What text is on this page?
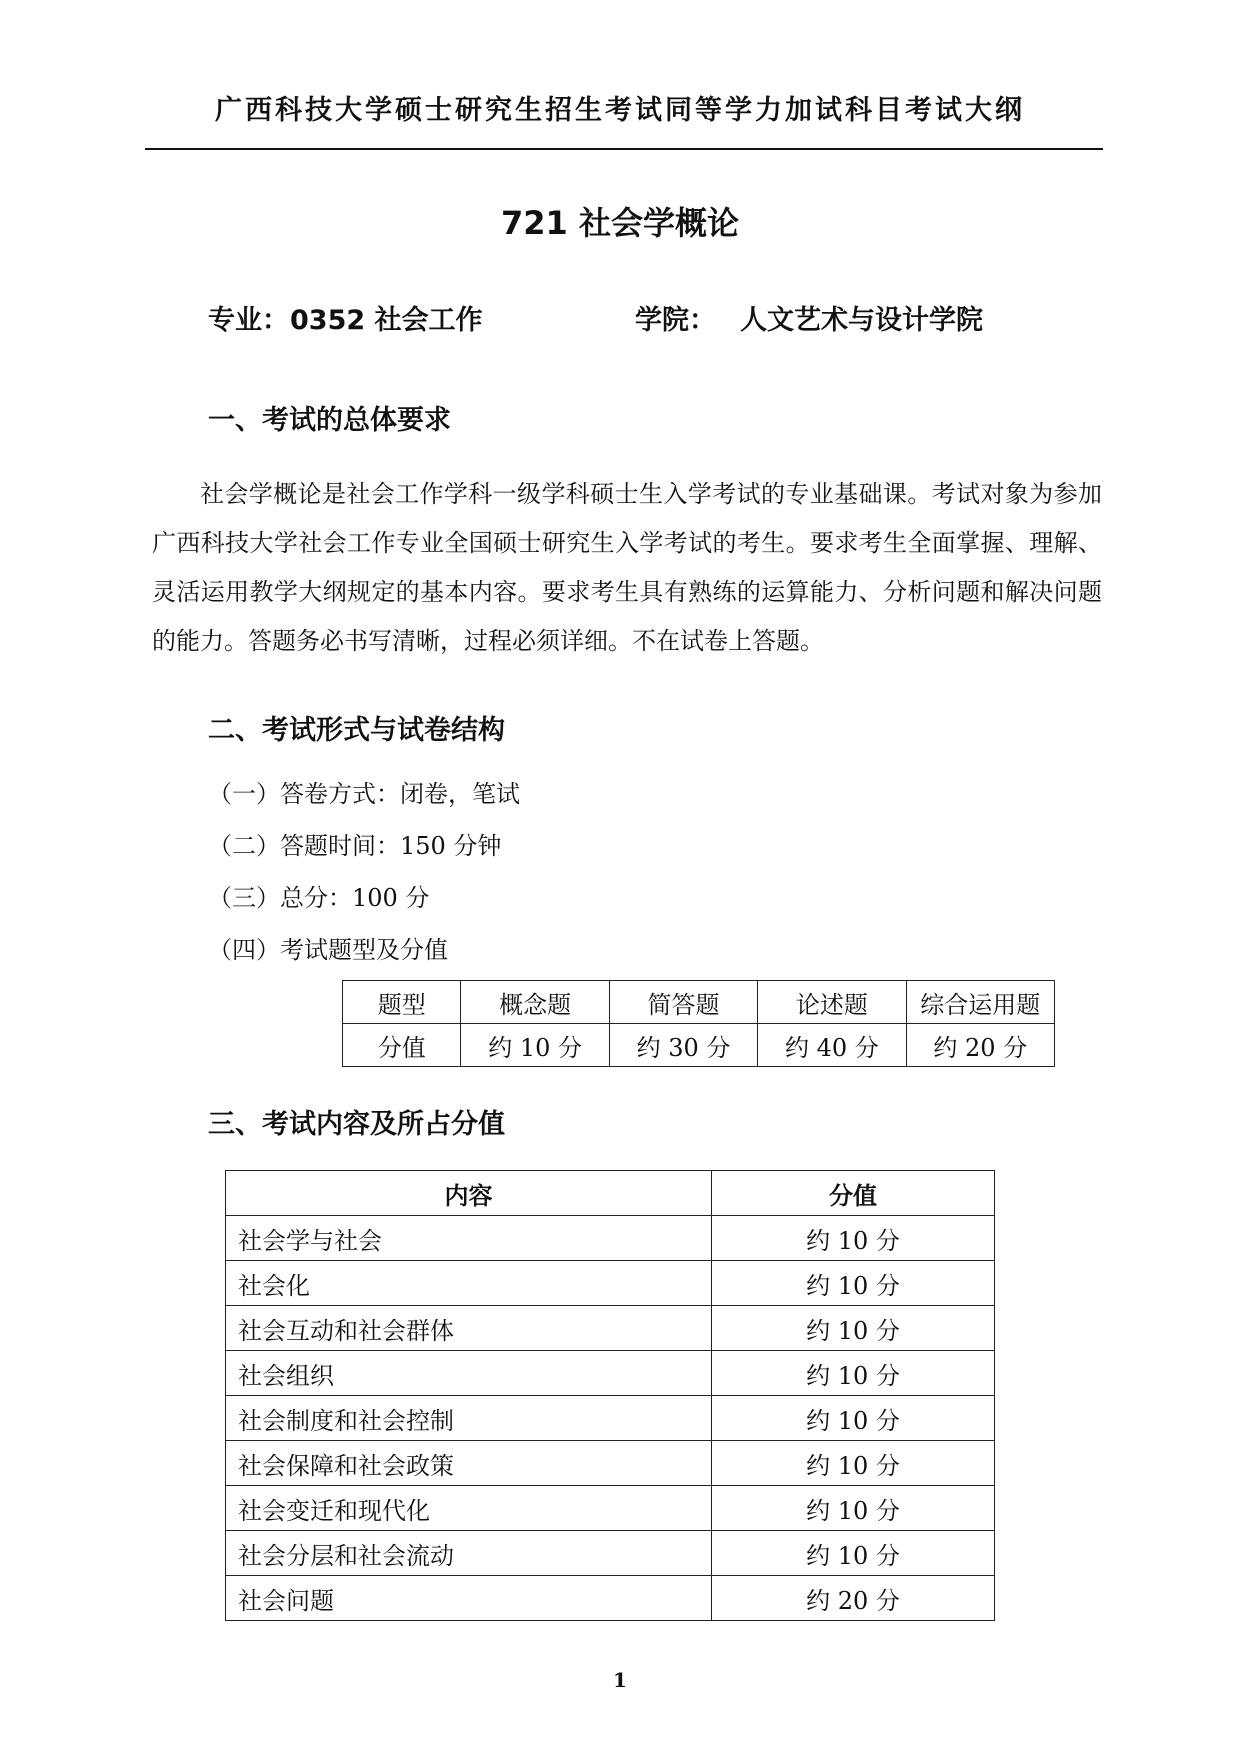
广西科技大学硕士研究生招生考试同等学力加试科目考试大纲
721 社会学概论
专业： 0352 社会工作	学院： 人文艺术与设计学院
一、考试的总体要求
社会学概论是社会工作学科一级学科硕士生入学考试的专业基础课。考试对象为参加广西科技大学社会工作专业全国硕士研究生入学考试的考生。要求考生全面掌握、理解、灵活运用教学大纲规定的基本内容。要求考生具有熟练的运算能力、分析问题和解决问题的能力。答题务必书写清晰，过程必须详细。不在试卷上答题。
二、考试形式与试卷结构
（一）答卷方式：闭卷，笔试
（二）答题时间：150 分钟
（三）总分：100 分
（四）考试题型及分值
题型	概念题	简答题	论述题	综合运用题
分值	约 10 分	约 30 分	约 40 分	约 20 分
三、考试内容及所占分值
内容	分值
社会学与社会	约 10 分
社会化	约 10 分
社会互动和社会群体	约 10 分
社会组织	约 10 分
社会制度和社会控制	约 10 分
社会保障和社会政策	约 10 分
社会变迁和现代化	约 10 分
社会分层和社会流动	约 10 分
社会问题	约 20 分
1
